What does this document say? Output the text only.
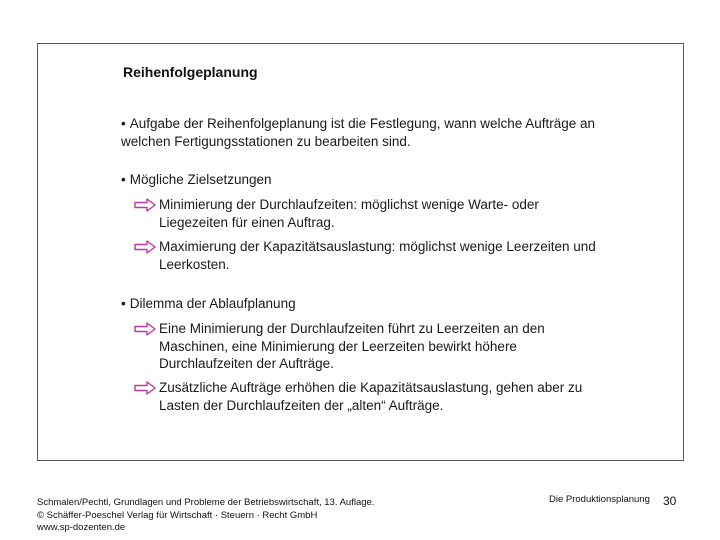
Reihenfolgeplanung
• Aufgabe der Reihenfolgeplanung ist die Festlegung, wann welche Aufträge an
welchen Fertigungsstationen zu bearbeiten sind.
• Mögliche Zielsetzungen
Minimierung der Durchlaufzeiten: möglichst wenige Warte- oder
Liegezeiten für einen Auftrag.
Maximierung der Kapazitätsauslastung: möglichst wenige Leerzeiten und
Leerkosten.
• Dilemma der Ablaufplanung
Eine Minimierung der Durchlaufzeiten führt zu Leerzeiten an den
Maschinen, eine Minimierung der Leerzeiten bewirkt höhere
Durchlaufzeiten der Aufträge.
Zusätzliche Aufträge erhöhen die Kapazitätsauslastung, gehen aber zu
Lasten der Durchlaufzeiten der „alten“ Aufträge.
Schmalen/Pechtl, Grundlagen und Probleme der Betriebswirtschaft, 13. Auflage.
© Schäffer-Poeschel Verlag für Wirtschaft · Steuern · Recht GmbH
www.sp-dozenten.de
Die Produktionsplanung 30
